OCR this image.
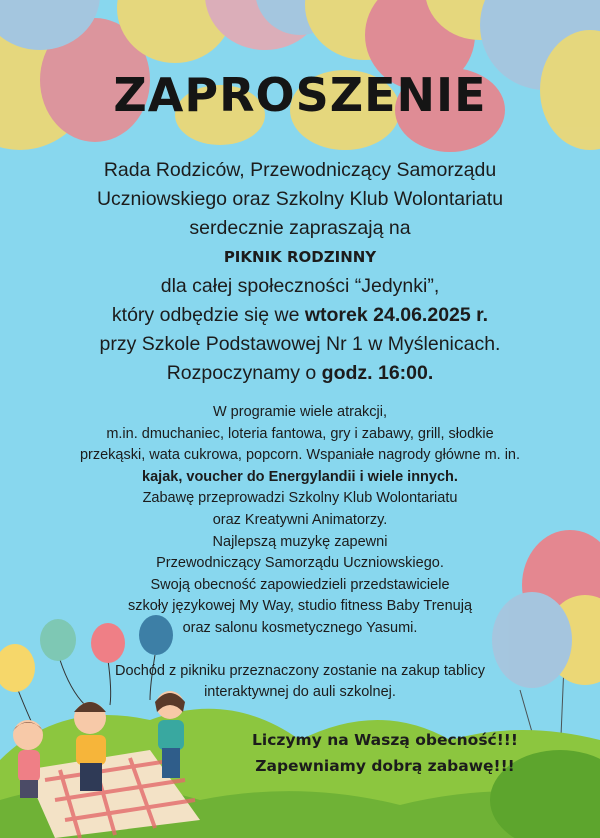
ZAPROSZENIE
Rada Rodziców, Przewodniczący Samorządu
Uczniowskiego oraz Szkolny Klub Wolontariatu
serdecznie zapraszają na
PIKNIK RODZINNY
dla całej społeczności “Jedynki”,
który odbędzie się we wtorek 24.06.2025 r.
przy Szkole Podstawowej Nr 1 w Myślenicach.
Rozpoczynamy o godz. 16:00.
W programie wiele atrakcji,
m.in. dmuchaniec, loteria fantowa, gry i zabawy, grill, słodkie
przekąski, wata cukrowa, popcorn. Wspaniałe nagrody główne m. in.
kajak, voucher do Energylandii i wiele innych.
Zabawę przeprowadzi Szkolny Klub Wolontariatu
oraz Kreatywni Animatorzy.
Najlepszą muzykę zapewni
Przewodniczący Samorządu Uczniowskiego.
Swoją obecność zapowiedzieli przedstawiciele
szkoły językowej My Way, studio fitness Baby Trenują
oraz salonu kosmetycznego Yasumi.
Dochód z pikniku przeznaczony zostanie na zakup tablicy
interaktywnej do auli szkolnej.
Liczymy na Waszą obecność!!!
Zapewniamy dobrą zabawę!!!
